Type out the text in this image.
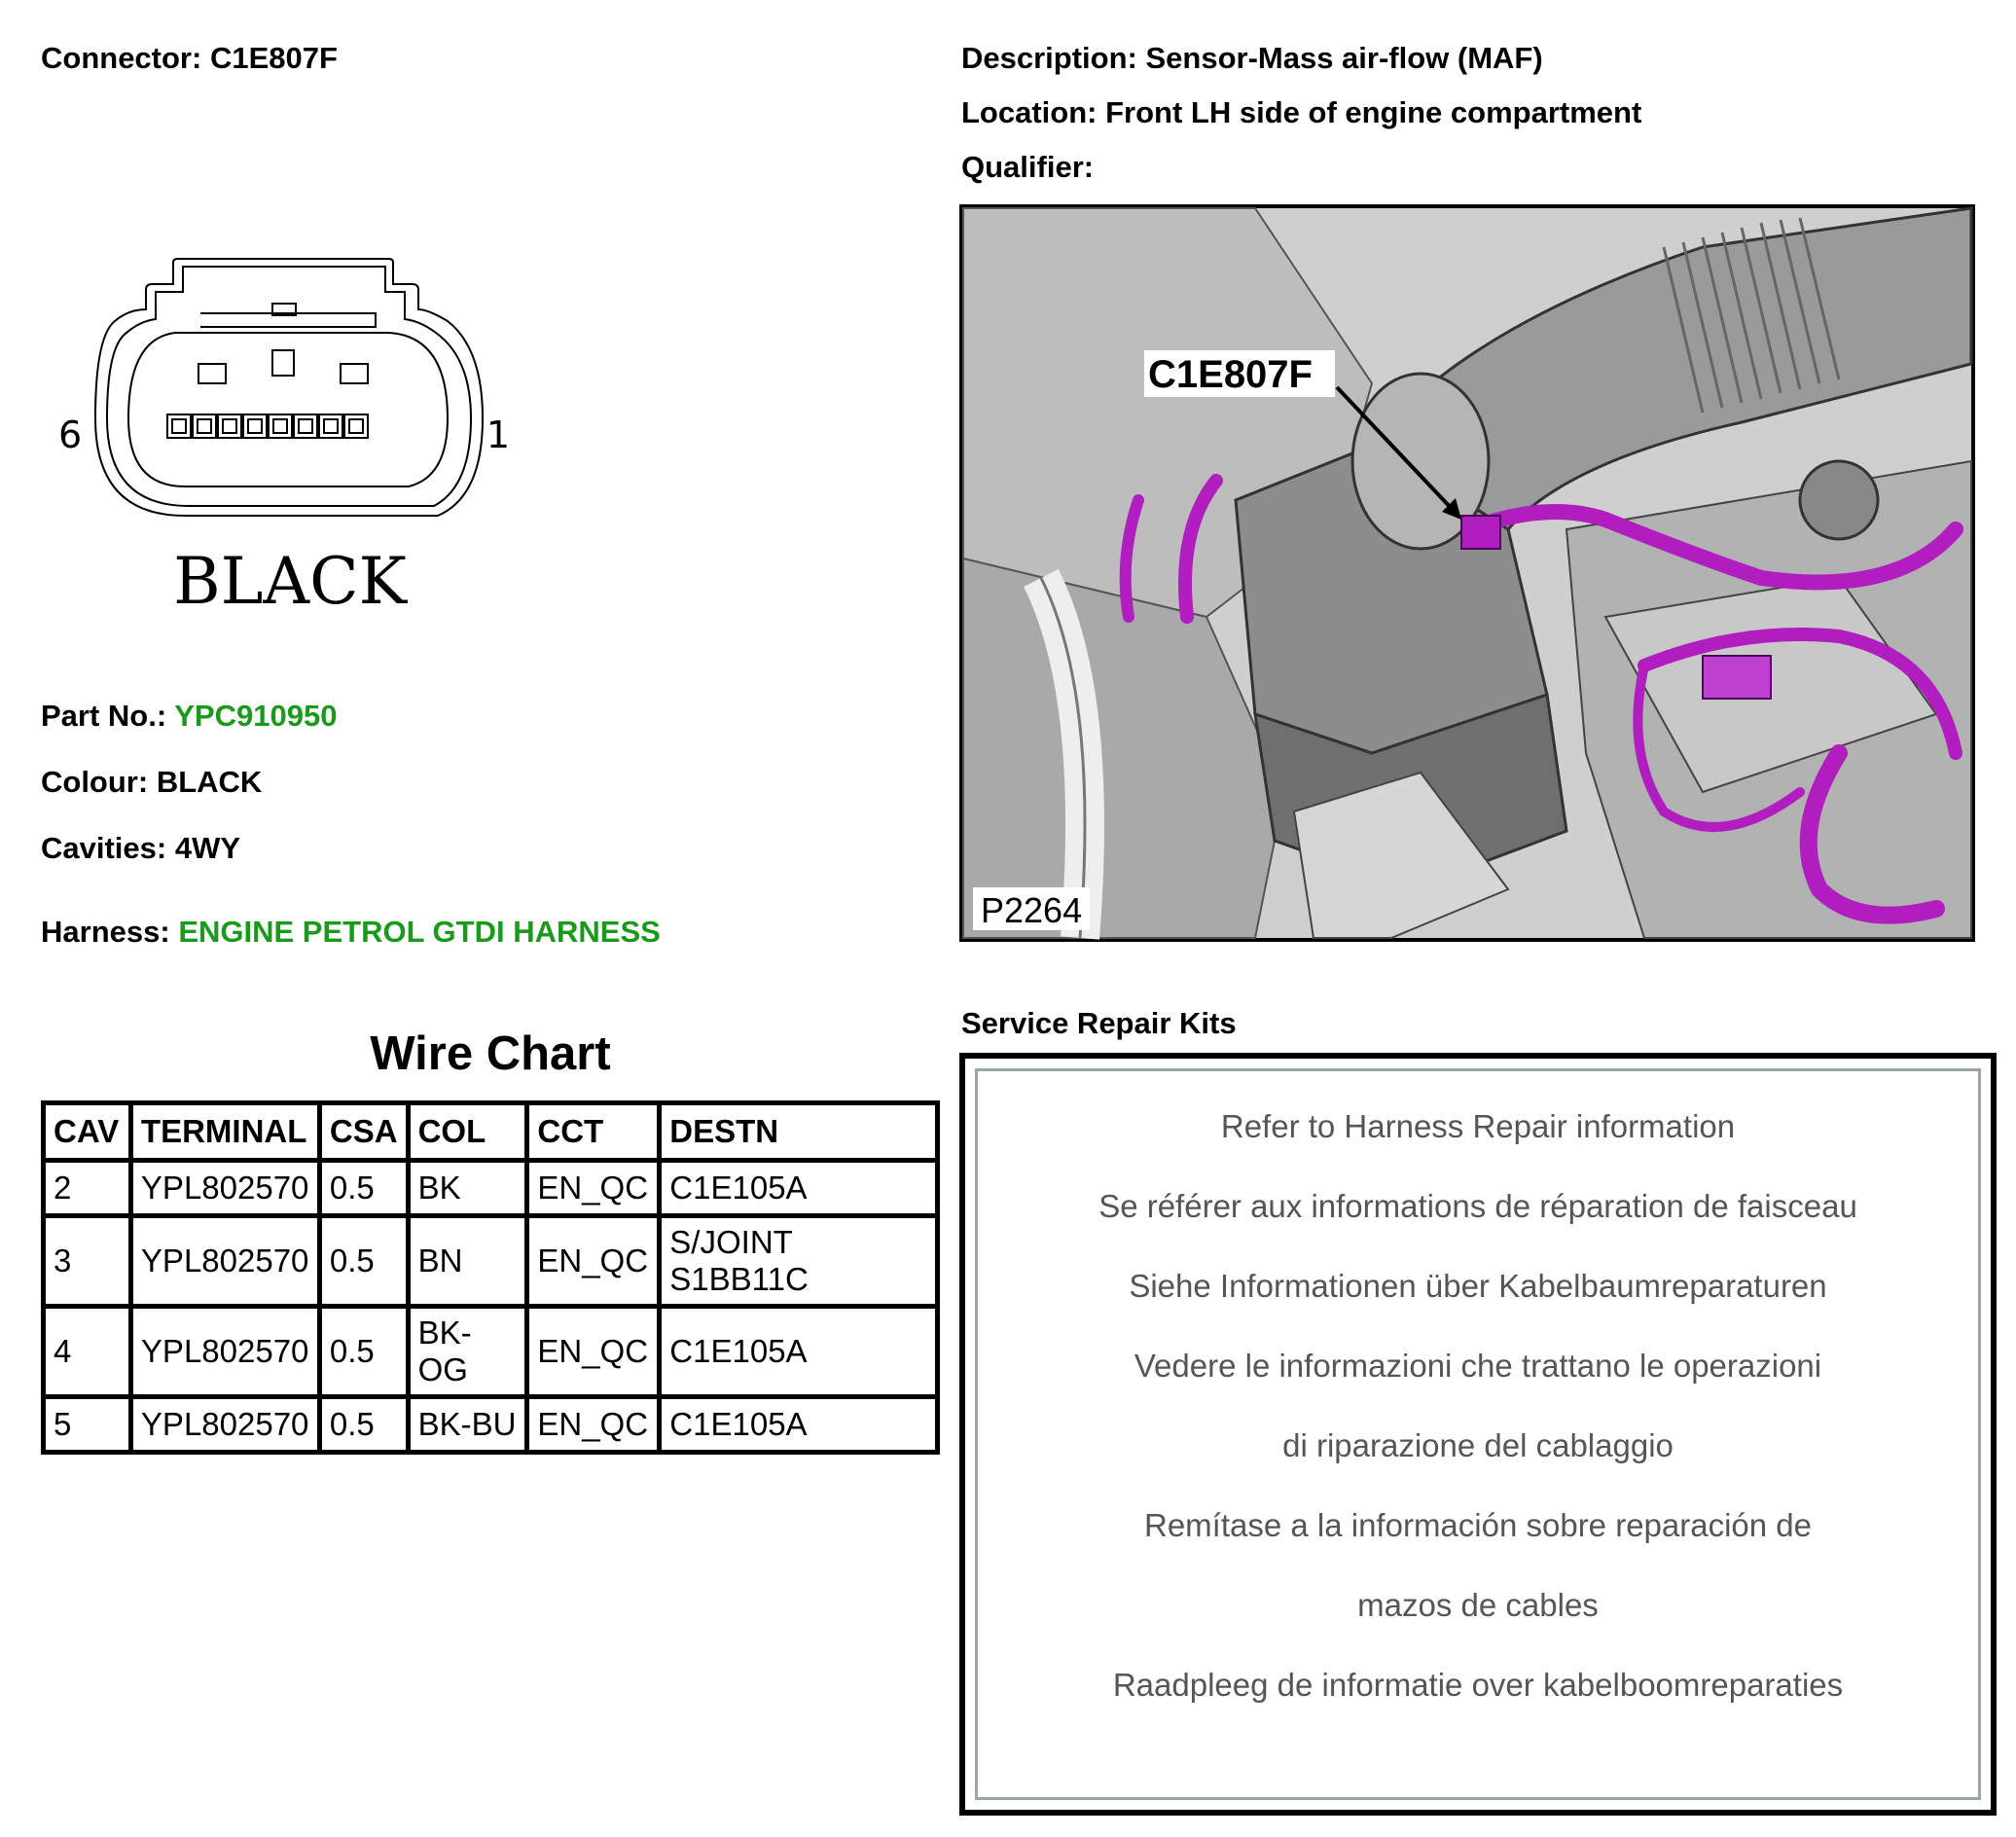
Connector: C1E807F	Description: Sensor-Mass air-flow (MAF)
Location: Front LH side of engine compartment
Qualifier:
6	1
BLACK
Part No.: YPC910950
Colour: BLACK
Cavities: 4WY
Harness: ENGINE PETROL GTDI HARNESS
Wire Chart
CAV	TERMINAL	CSA	COL	CCT	DESTN
2	YPL802570	0.5	BK	EN_QC	C1E105A
3	YPL802570	0.5	BN	EN_QC	S/JOINT S1BB11C

4	YPL802570	0.5	BK-OG	EN_QC	C1E105A
5	YPL802570	0.5	BK-BU	EN_QC	C1E105A
C1E807F
P2264
Service Repair Kits
Refer to Harness Repair information
Se référer aux informations de réparation de faisceau
Siehe Informationen über Kabelbaumreparaturen
Vedere le informazioni che trattano le operazioni
di riparazione del cablaggio
Remítase a la información sobre reparación de
mazos de cables
Raadpleeg de informatie over kabelboomreparaties
